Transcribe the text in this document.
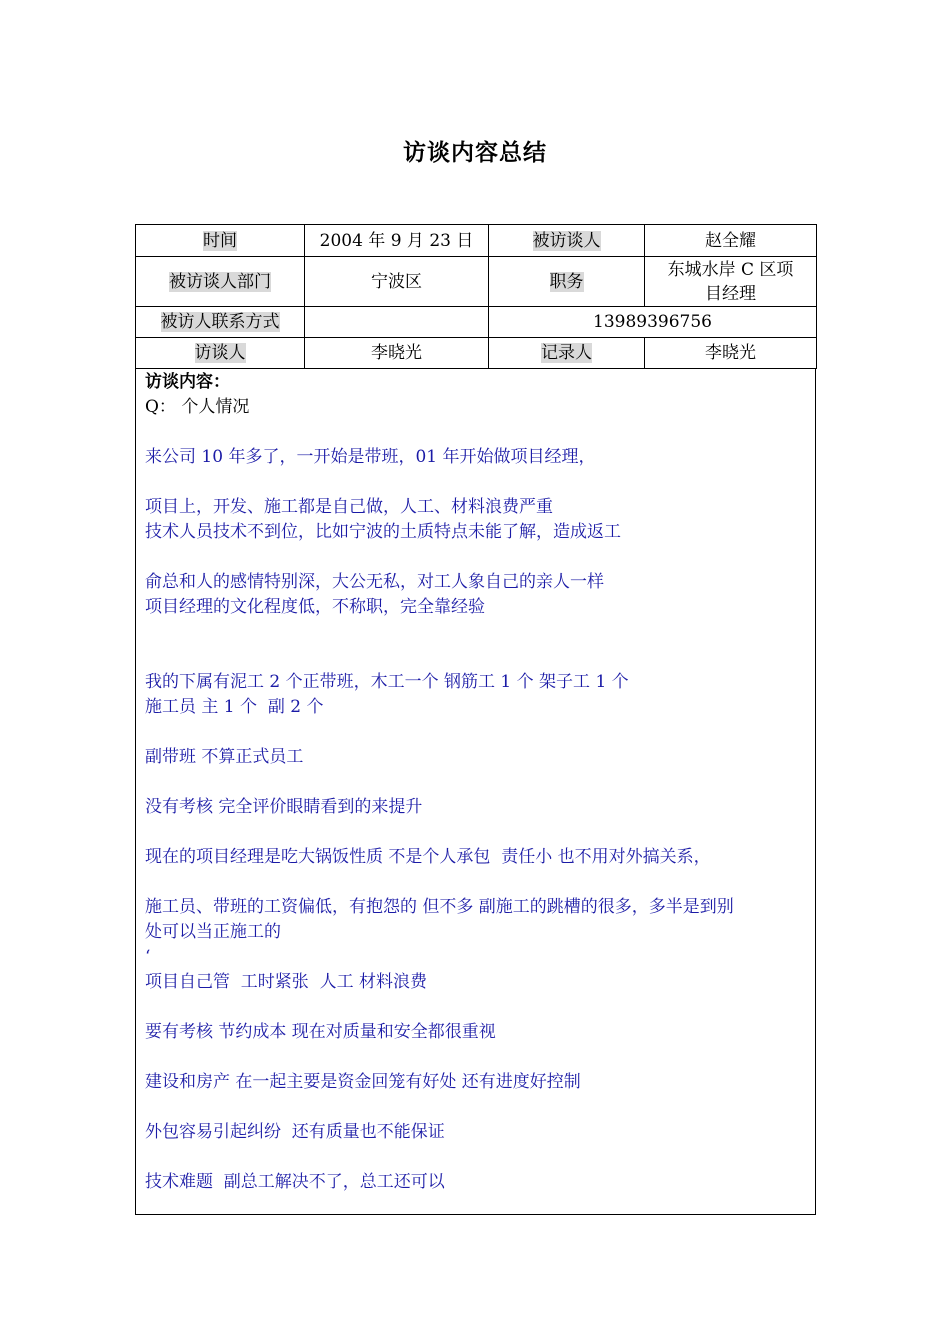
访谈内容总结
时间	2004 年 9 月 23 日	被访谈人	赵全耀
被访谈人部门	宁波区	职务	东城水岸 C 区项
目经理

被访人联系方式		13989396756	
访谈人	李晓光	记录人	李晓光
访谈内容：
Q： 个人情况
来公司 10 年多了，一开始是带班，01 年开始做项目经理，

项目上，开发、施工都是自己做，人工、材料浪费严重
技术人员技术不到位，比如宁波的土质特点未能了解，造成返工

俞总和人的感情特别深，大公无私，对工人象自己的亲人一样
项目经理的文化程度低，不称职，完全靠经验

我的下属有泥工 2 个正带班，木工一个 钢筋工 1 个 架子工 1 个
施工员 主 1 个  副 2 个

副带班 不算正式员工

没有考核 完全评价眼睛看到的来提升

现在的项目经理是吃大锅饭性质 不是个人承包  责任小 也不用对外搞关系，

施工员、带班的工资偏低，有抱怨的 但不多 副施工的跳槽的很多，多半是到别
处可以当正施工的
‘
项目自己管  工时紧张  人工 材料浪费

要有考核 节约成本 现在对质量和安全都很重视

建设和房产 在一起主要是资金回笼有好处 还有进度好控制

外包容易引起纠纷  还有质量也不能保证

技术难题  副总工解决不了，总工还可以
